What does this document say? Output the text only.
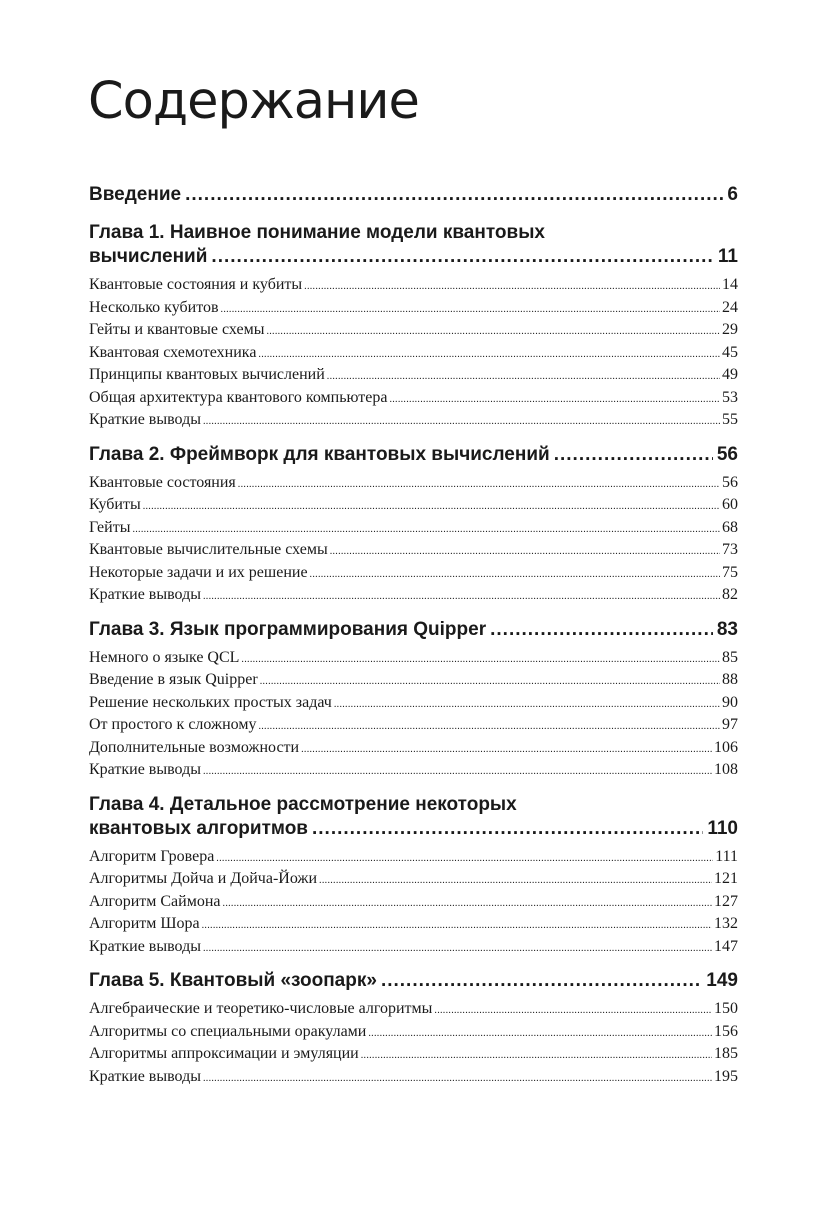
Содержание
Введение .....	6
Глава 1. Наивное понимание модели квантовых
вычислений .....	11
Квантовые состояния и кубиты .....	14
Несколько кубитов .....	24
Гейты и квантовые схемы .....	29
Квантовая схемотехника .....	45
Принципы квантовых вычислений .....	49
Общая архитектура квантового компьютера .....	53
Краткие выводы .....	55
Глава 2. Фреймворк для квантовых вычислений .....	56
Квантовые состояния .....	56
Кубиты .....	60
Гейты .....	68
Квантовые вычислительные схемы .....	73
Некоторые задачи и их решение .....	75
Краткие выводы .....	82
Глава 3. Язык программирования Quipper .....	83
Немного о языке QCL .....	85
Введение в язык Quipper .....	88
Решение нескольких простых задач .....	90
От простого к сложному .....	97
Дополнительные возможности .....	106
Краткие выводы .....	108
Глава 4. Детальное рассмотрение некоторых
квантовых алгоритмов .....	110
Алгоритм Гровера .....	111
Алгоритмы Дойча и Дойча-Йожи .....	121
Алгоритм Саймона .....	127
Алгоритм Шора .....	132
Краткие выводы .....	147
Глава 5. Квантовый «зоопарк» .....	149
Алгебраические и теоретико-числовые алгоритмы .....	150
Алгоритмы со специальными оракулами .....	156
Алгоритмы аппроксимации и эмуляции .....	185
Краткие выводы .....	195
